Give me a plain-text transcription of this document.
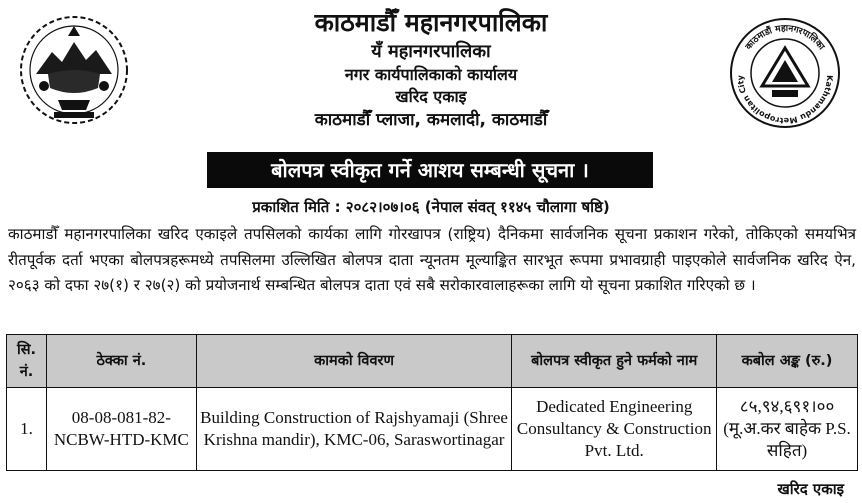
काठमाडौँ महानगरपालिका
यँ महानगरपालिका
नगर कार्यपालिकाको कार्यालय
खरिद एकाइ
काठमाडौँ प्लाजा, कमलादी, काठमाडौँ
काठमाडौं महानगरपालिका
Kathmandu Metropolitan City
बोलपत्र स्वीकृत गर्ने आशय सम्बन्धी सूचना ।
प्रकाशित मिति : २०८२।०७।०६ (नेपाल संवत् ११४५ चौलागा षष्ठि)
काठमाडौँ महानगरपालिका खरिद एकाइले तपसिलको कार्यका लागि गोरखापत्र (राष्ट्रिय) दैनिकमा सार्वजनिक सूचना प्रकाशन गरेको, तोकिएको समयभित्र रीतपूर्वक दर्ता भएका बोलपत्रहरूमध्ये तपसिलमा उल्लिखित बोलपत्र दाता न्यूनतम मूल्याङ्कित सारभूत रूपमा प्रभावग्राही पाइएकोले सार्वजनिक खरिद ऐन, २०६३ को दफा २७(१) र २७(२) को प्रयोजनार्थ सम्बन्धित बोलपत्र दाता एवं सबै सरोकारवालाहरूका लागि यो सूचना प्रकाशित गरिएको छ ।
सि. नं.	ठेक्का नं.	कामको विवरण	बोलपत्र स्वीकृत हुने फर्मको नाम	कबोल अङ्क (रु.)
1.	08-08-081-82-NCBW-HTD-KMC	Building Construction of Rajshyamaji (Shree Krishna mandir), KMC-06, Saraswortinagar	Dedicated Engineering Consultancy & Construction Pvt. Ltd.	८५,९४,६९१।००
(मू.अ.कर बाहेक P.S. सहित)
खरिद एकाइ
